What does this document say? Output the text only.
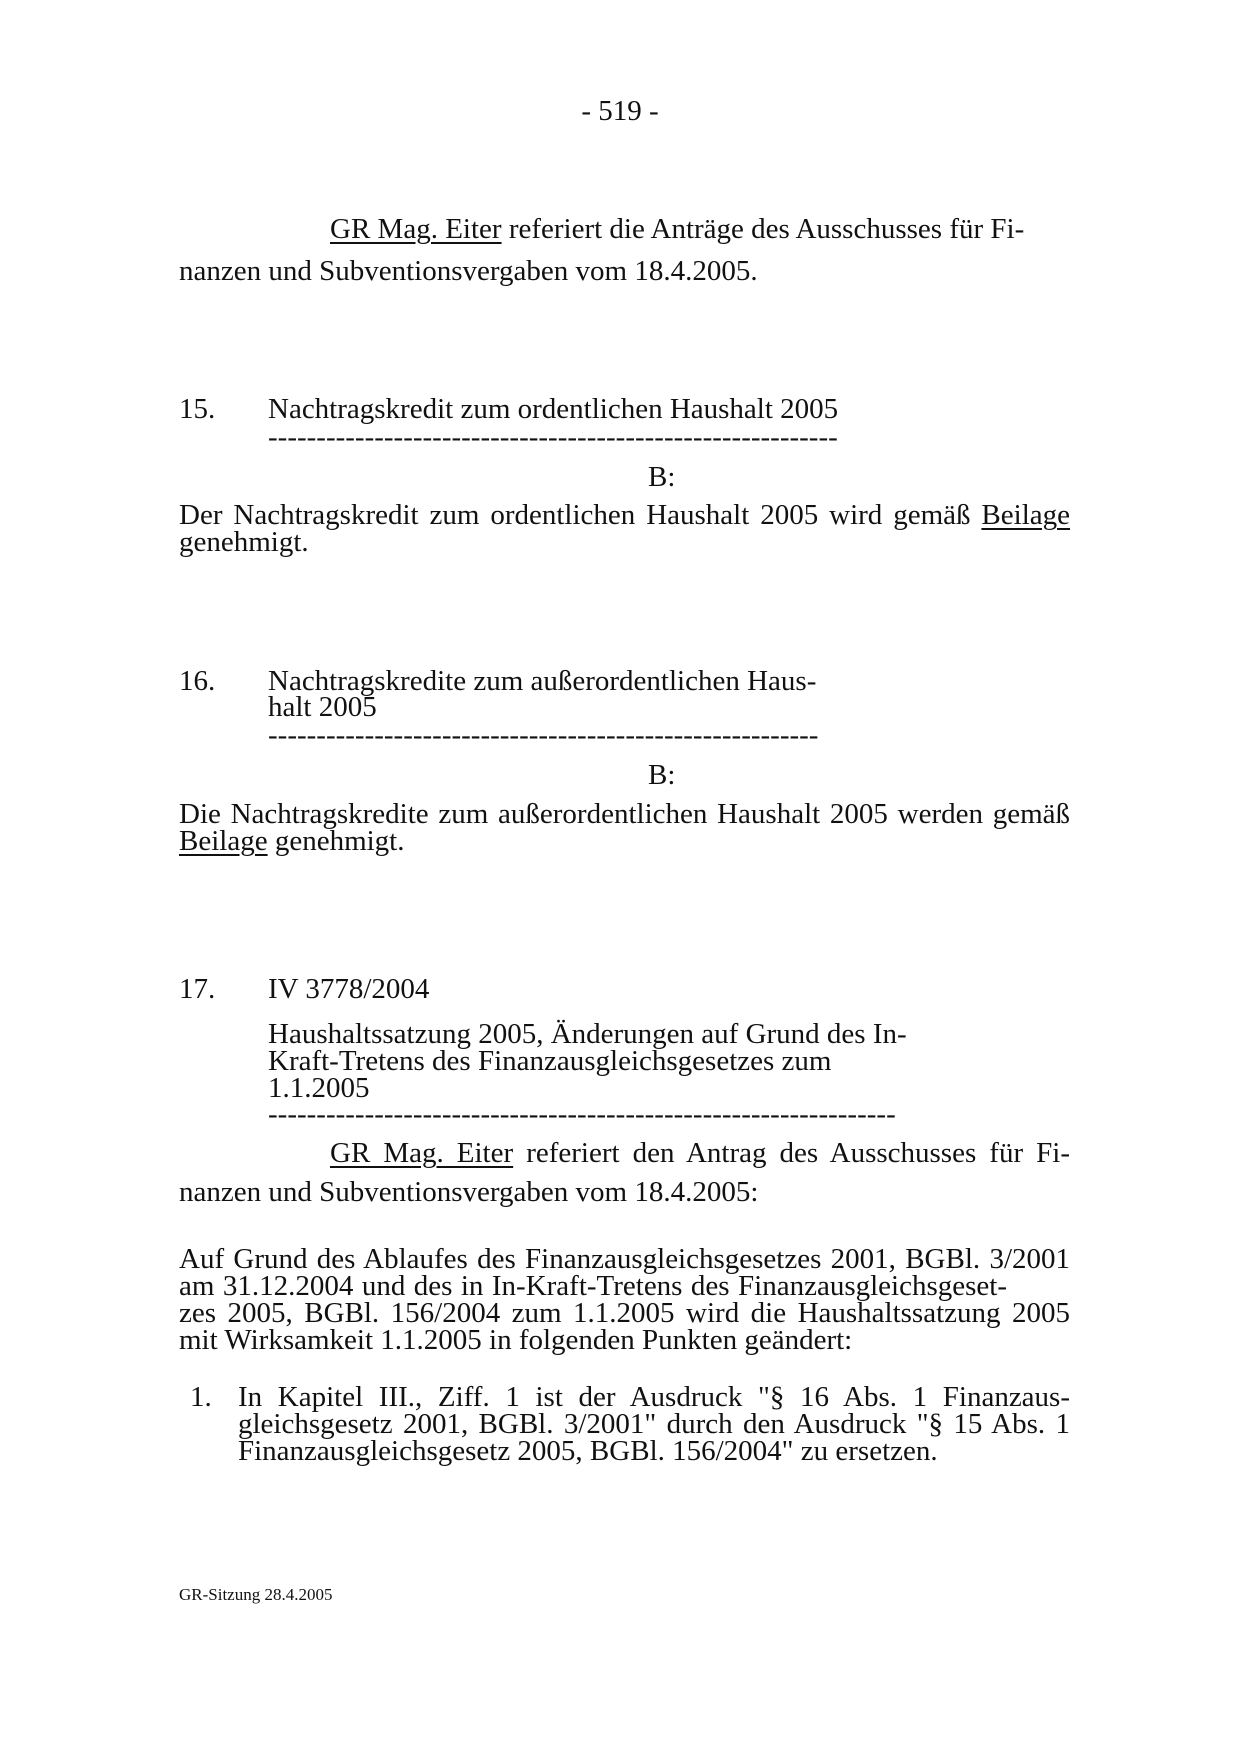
- 519 -

GR Mag. Eiter referiert die Anträge des Ausschusses für Fi-

nanzen und Subventionsvergaben vom 18.4.2005.

15. Nachtragskredit zum ordentlichen Haushalt 2005

-----------------------------------------------------------

B:

Der Nachtragskredit zum ordentlichen Haushalt 2005 wird gemäß Beilage

genehmigt.

16. Nachtragskredite zum außerordentlichen Haus-

halt 2005

---------------------------------------------------------

B:

Die Nachtragskredite zum außerordentlichen Haushalt 2005 werden gemäß

Beilage genehmigt.

17. IV 3778/2004

Haushaltssatzung 2005, Änderungen auf Grund des In-

Kraft-Tretens des Finanzausgleichsgesetzes zum

1.1.2005

-----------------------------------------------------------------

GR Mag. Eiter referiert den Antrag des Ausschusses für Fi-

nanzen und Subventionsvergaben vom 18.4.2005:

Auf Grund des Ablaufes des Finanzausgleichsgesetzes 2001, BGBl. 3/2001

am 31.12.2004 und des in In-Kraft-Tretens des Finanzausgleichsgeset-

zes 2005, BGBl. 156/2004 zum 1.1.2005 wird die Haushaltssatzung 2005

mit Wirksamkeit 1.1.2005 in folgenden Punkten geändert:

1. In Kapitel III., Ziff. 1 ist der Ausdruck "§ 16 Abs. 1 Finanzaus-

gleichsgesetz 2001, BGBl. 3/2001" durch den Ausdruck "§ 15 Abs. 1

Finanzausgleichsgesetz 2005, BGBl. 156/2004" zu ersetzen.

GR-Sitzung 28.4.2005
